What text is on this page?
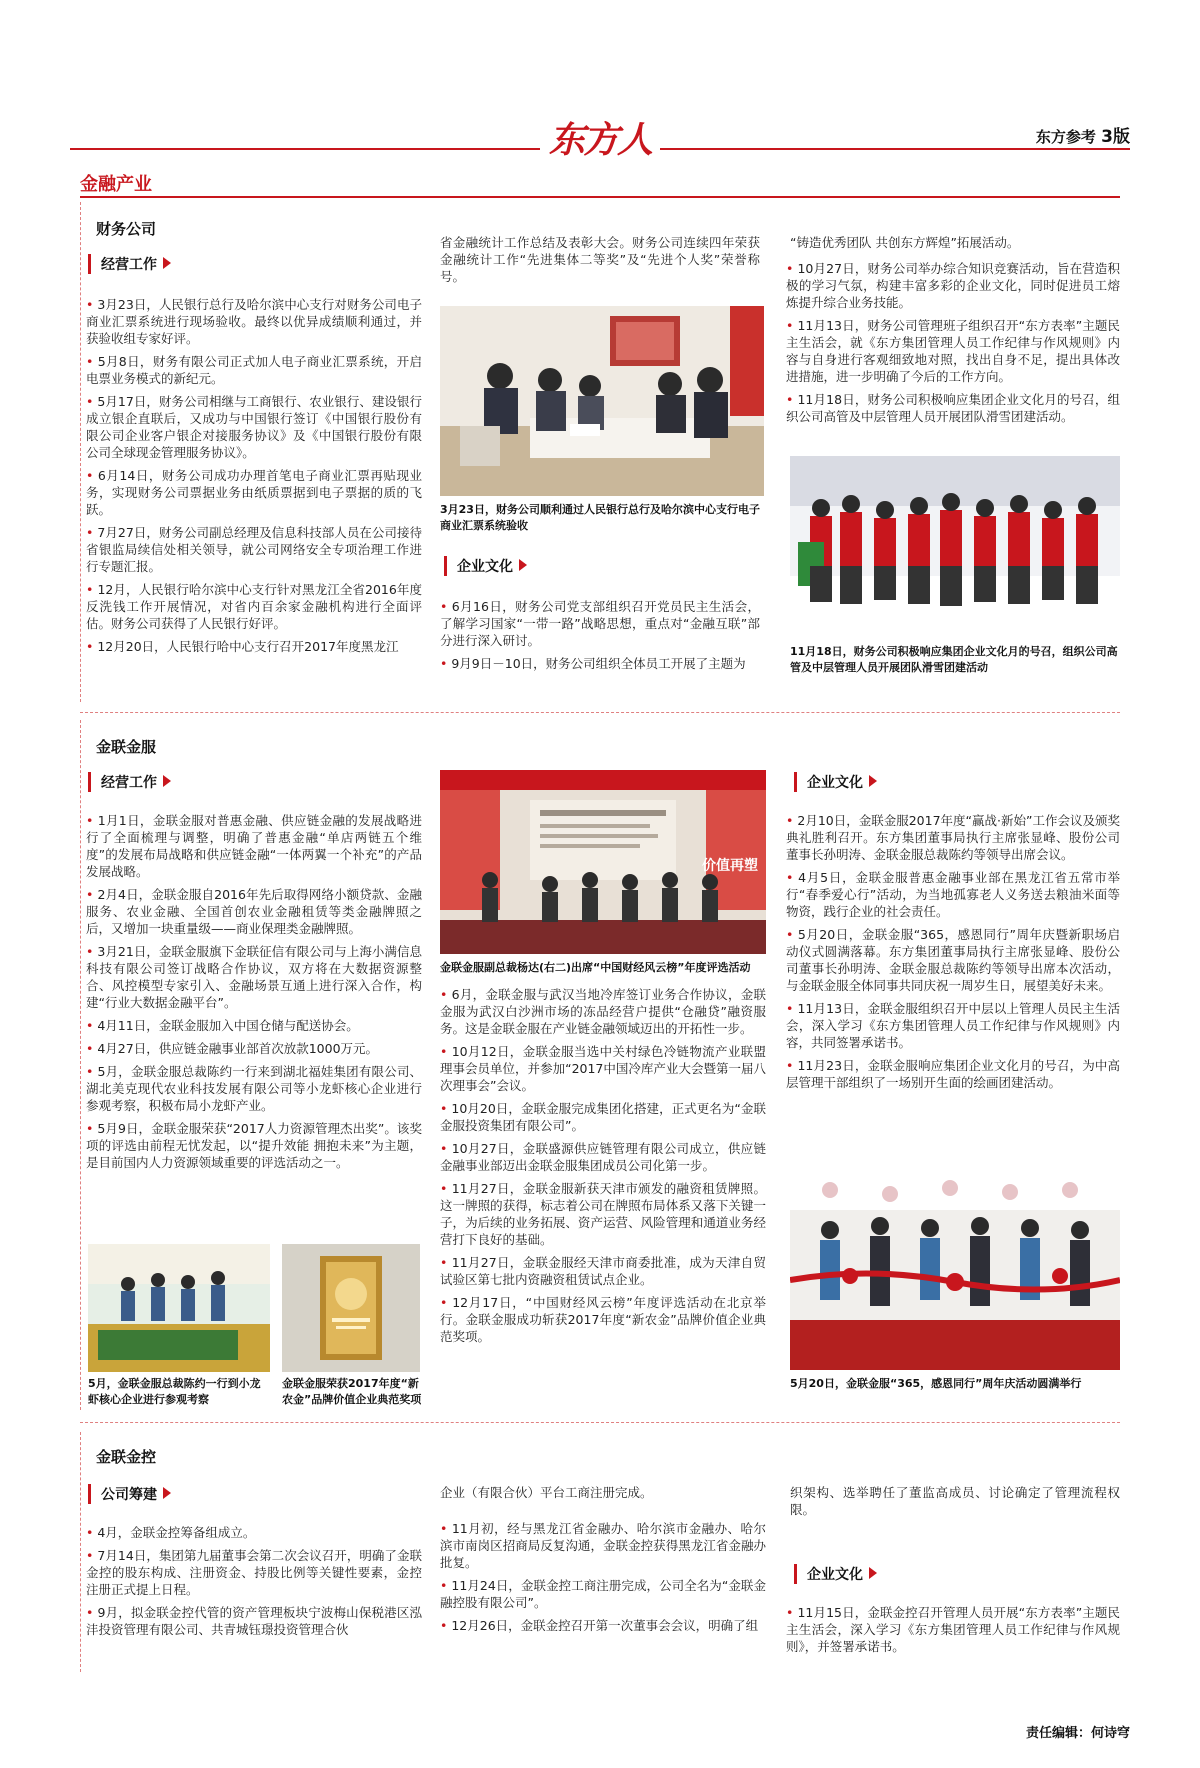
东方人	东方参考 3版
金融产业
财务公司
经营工作

• 3月23日，人民银行总行及哈尔滨中心支行对财务公司电子商业汇票系统进行现场验收。最终以优异成绩顺利通过，并获验收组专家好评。

• 5月8日，财务有限公司正式加人电子商业汇票系统，开启电票业务模式的新纪元。

• 5月17日，财务公司相继与工商银行、农业银行、建设银行成立银企直联后，又成功与中国银行签订《中国银行股份有限公司企业客户银企对接服务协议》及《中国银行股份有限公司全球现金管理服务协议》。

• 6月14日，财务公司成功办理首笔电子商业汇票再贴现业务，实现财务公司票据业务由纸质票据到电子票据的质的飞跃。

• 7月27日，财务公司副总经理及信息科技部人员在公司接待省银监局续信处相关领导，就公司网络安全专项治理工作进行专题汇报。

• 12月，人民银行哈尔滨中心支行针对黑龙江全省2016年度反洗钱工作开展情况，对省内百余家金融机构进行全面评估。财务公司获得了人民银行好评。

• 12月20日，人民银行哈中心支行召开2017年度黑龙江

省金融统计工作总结及表彰大会。财务公司连续四年荣获金融统计工作“先进集体二等奖”及“先进个人奖”荣誉称号。
3月23日，财务公司顺利通过人民银行总行及哈尔滨中心支行电子商业汇票系统验收
企业文化

• 6月16日，财务公司党支部组织召开党员民主生活会，了解学习国家“一带一路”战略思想，重点对“金融互联”部分进行深入研讨。

• 9月9日－10日，财务公司组织全体员工开展了主题为

“铸造优秀团队 共创东方辉煌”拓展活动。

• 10月27日，财务公司举办综合知识竞赛活动，旨在营造积极的学习气氛，构建丰富多彩的企业文化，同时促进员工熔炼提升综合业务技能。

• 11月13日，财务公司管理班子组织召开“东方表率”主题民主生活会，就《东方集团管理人员工作纪律与作风规则》内容与自身进行客观细致地对照，找出自身不足，提出具体改进措施，进一步明确了今后的工作方向。

• 11月18日，财务公司积极响应集团企业文化月的号召，组织公司高管及中层管理人员开展团队滑雪团建活动。

11月18日，财务公司积极响应集团企业文化月的号召，组织公司高管及中层管理人员开展团队滑雪团建活动
金联金服
经营工作

• 1月1日，金联金服对普惠金融、供应链金融的发展战略进行了全面梳理与调整，明确了普惠金融“单店两链五个维度”的发展布局战略和供应链金融“一体两翼一个补充”的产品发展战略。

• 2月4日，金联金服自2016年先后取得网络小额贷款、金融服务、农业金融、全国首创农业金融租赁等类金融牌照之后，又增加一块重量级——商业保理类金融牌照。

• 3月21日，金联金服旗下金联征信有限公司与上海小满信息科技有限公司签订战略合作协议，双方将在大数据资源整合、风控模型专家引入、金融场景互通上进行深入合作，构建“行业大数据金融平台”。

• 4月11日，金联金服加入中国仓储与配送协会。

• 4月27日，供应链金融事业部首次放款1000万元。

• 5月，金联金服总裁陈约一行来到湖北福娃集团有限公司、湖北美克现代农业科技发展有限公司等小龙虾核心企业进行参观考察，积极布局小龙虾产业。

• 5月9日，金联金服荣获“2017人力资源管理杰出奖”。该奖项的评选由前程无忧发起，以“提升效能 拥抱未来”为主题，是目前国内人力资源领域重要的评选活动之一。

5月，金联金服总裁陈约一行到小龙虾核心企业进行参观考察
金联金服荣获2017年度“新农金”品牌价值企业典范奖项
价值再塑
金联金服副总裁杨达(右二)出席“中国财经风云榜”年度评选活动

• 6月，金联金服与武汉当地冷库签订业务合作协议，金联金服为武汉白沙洲市场的冻品经营户提供“仓融贷”融资服务。这是金联金服在产业链金融领域迈出的开拓性一步。

• 10月12日，金联金服当选中关村绿色冷链物流产业联盟理事会员单位，并参加“2017中国冷库产业大会暨第一届八次理事会”会议。

• 10月20日，金联金服完成集团化搭建，正式更名为“金联金服投资集团有限公司”。

• 10月27日，金联盛源供应链管理有限公司成立，供应链金融事业部迈出金联金服集团成员公司化第一步。

• 11月27日，金联金服新获天津市颁发的融资租赁牌照。这一牌照的获得，标志着公司在牌照布局体系又落下关键一子，为后续的业务拓展、资产运营、风险管理和通道业务经营打下良好的基础。

• 11月27日，金联金服经天津市商委批准，成为天津自贸试验区第七批内资融资租赁试点企业。

• 12月17日，“中国财经风云榜”年度评选活动在北京举行。金联金服成功斩获2017年度“新农金”品牌价值企业典范奖项。

企业文化

• 2月10日，金联金服2017年度“赢战·新始”工作会议及颁奖典礼胜利召开。东方集团董事局执行主席张显峰、股份公司董事长孙明涛、金联金服总裁陈约等领导出席会议。

• 4月5日，金联金服普惠金融事业部在黑龙江省五常市举行“春季爱心行”活动，为当地孤寡老人义务送去粮油米面等物资，践行企业的社会责任。

• 5月20日，金联金服“365，感恩同行”周年庆暨新职场启动仪式圆满落幕。东方集团董事局执行主席张显峰、股份公司董事长孙明涛、金联金服总裁陈约等领导出席本次活动，与金联金服全体同事共同庆祝一周岁生日，展望美好未来。

• 11月13日，金联金服组织召开中层以上管理人员民主生活会，深入学习《东方集团管理人员工作纪律与作风规则》内容，共同签署承诺书。

• 11月23日，金联金服响应集团企业文化月的号召，为中高层管理干部组织了一场别开生面的绘画团建活动。

5月20日，金联金服“365，感恩同行”周年庆活动圆满举行
金联金控
公司筹建

• 4月，金联金控筹备组成立。

• 7月14日，集团第九届董事会第二次会议召开，明确了金联金控的股东构成、注册资金、持股比例等关键性要素，金控注册正式提上日程。

• 9月，拟金联金控代管的资产管理板块宁波梅山保税港区泓沣投资管理有限公司、共青城钰璟投资管理合伙

企业（有限合伙）平台工商注册完成。

• 11月初，经与黑龙江省金融办、哈尔滨市金融办、哈尔滨市南岗区招商局反复沟通，金联金控获得黑龙江省金融办批复。

• 11月24日，金联金控工商注册完成，公司全名为“金联金融控股有限公司”。

• 12月26日，金联金控召开第一次董事会会议，明确了组

织架构、选举聘任了董监高成员、讨论确定了管理流程权限。
企业文化

• 11月15日，金联金控召开管理人员开展“东方表率”主题民主生活会，深入学习《东方集团管理人员工作纪律与作风规则》，并签署承诺书。

责任编辑：何诗穹
